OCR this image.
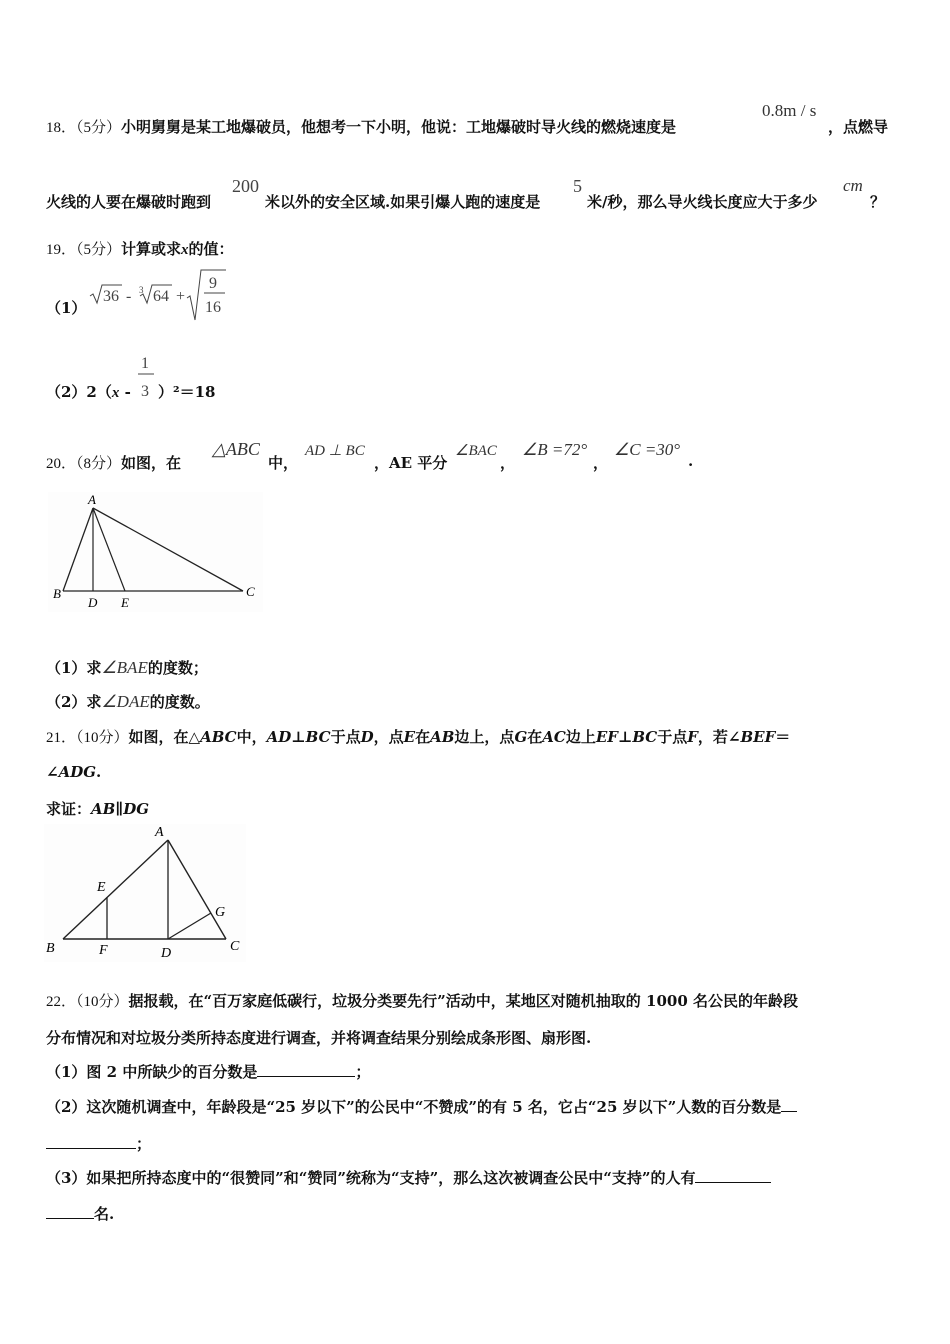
18．（5分）小明舅舅是某工地爆破员，他想考一下小明，他说：工地爆破时导火线的燃烧速度是
0.8m / s
，点燃导
火线的人要在爆破时跑到
200
米以外的安全区域.如果引爆人跑的速度是
5
米/秒，那么导火线长度应大于多少
cm
？
19．（5分）计算或求x的值：
（1）
36 - 3 64 +
9
16
（2）2（x - ）²＝18
1
3
20．（8分）如图，在
△ABC
中，
AD ⊥ BC
，AE 平分
∠BAC
，
∠B =72°
，
∠C =30°
.
A
B	C
D E
（1）求∠BAE的度数；
（2）求∠DAE的度数。
21．（10分）如图，在△ABC中，AD⊥BC于点D，点E在AB边上，点G在AC边上EF⊥BC于点F，若∠BEF＝
∠ADG.
求证：AB∥DG
A
B	C
D
E
F
G
22．（10分）据报载，在“百万家庭低碳行，垃圾分类要先行”活动中，某地区对随机抽取的 1000 名公民的年龄段
分布情况和对垃圾分类所持态度进行调查，并将调查结果分别绘成条形图、扇形图.
（1）图 2 中所缺少的百分数是	；
（2）这次随机调查中，年龄段是“25 岁以下”的公民中“不赞成”的有 5 名，它占“25 岁以下”人数的百分数是
；
（3）如果把所持态度中的“很赞同”和“赞同”统称为“支持”，那么这次被调查公民中“支持”的人有
名.
